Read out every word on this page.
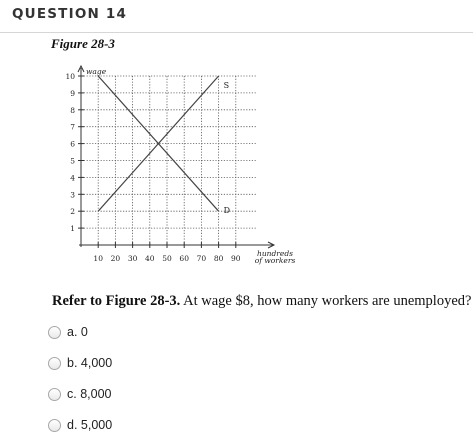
QUESTION 14
Figure 28-3
10 20 30 40 50 60 70 80 90
1
2
3
4
5
6
7
8
9
10
wage
hundreds
of workers
S
D
Refer to Figure 28-3. At wage $8, how many workers are unemployed?
a. 0
b. 4,000
c. 8,000
d. 5,000
